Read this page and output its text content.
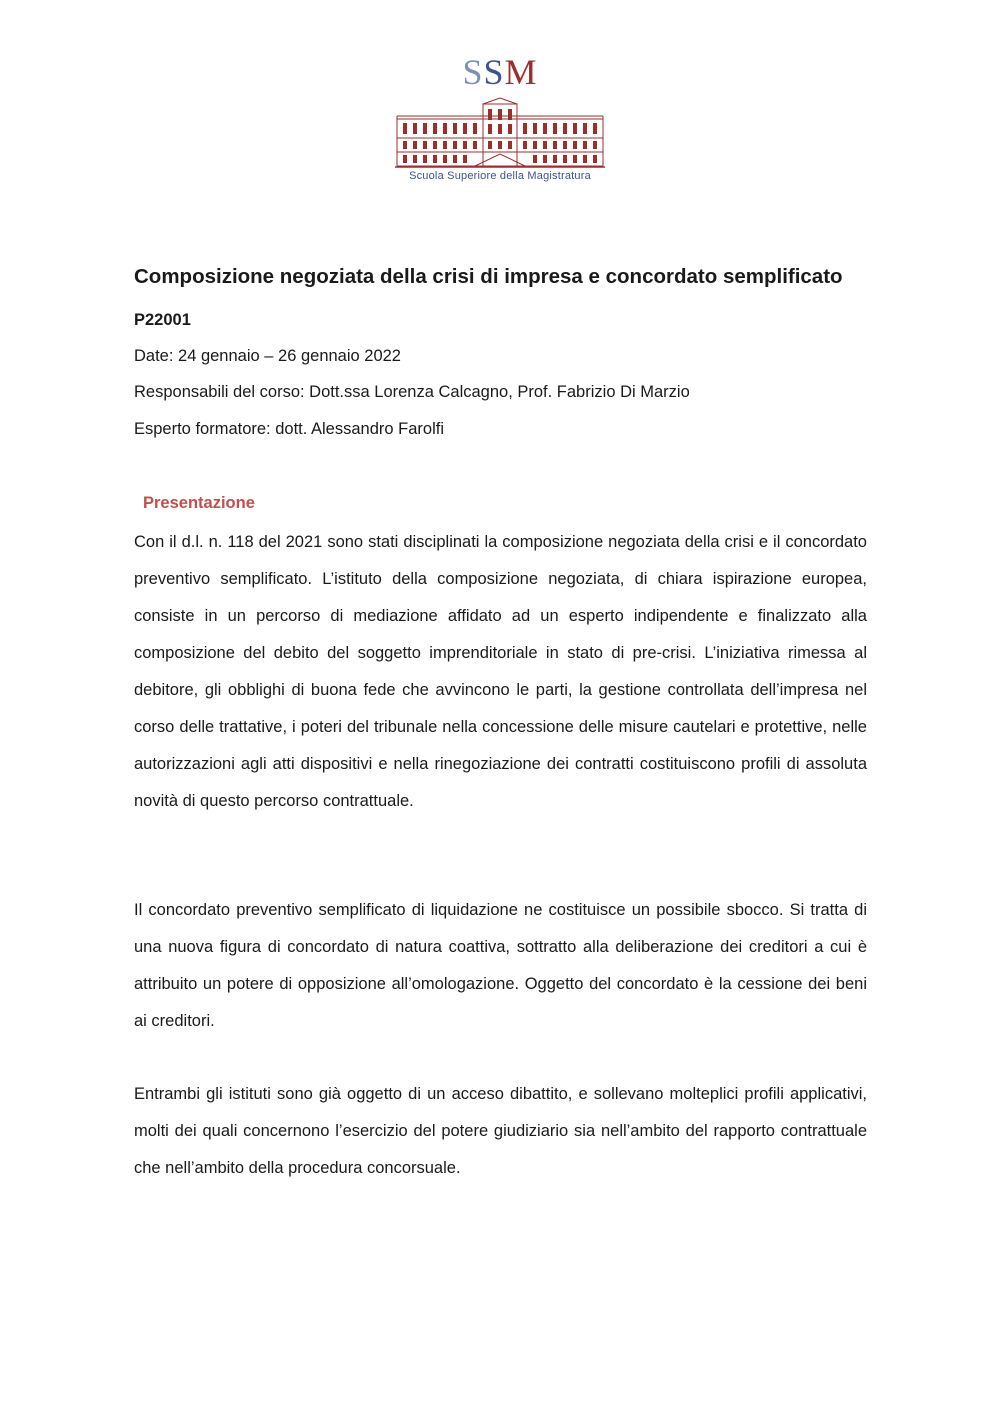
SSM
Scuola Superiore della Magistratura
Composizione negoziata della crisi di impresa e concordato semplificato

P22001

Date: 24 gennaio – 26 gennaio 2022

Responsabili del corso: Dott.ssa Lorenza Calcagno, Prof. Fabrizio Di Marzio

Esperto formatore: dott. Alessandro Farolfi

Presentazione

Con il d.l. n. 118 del 2021 sono stati disciplinati la composizione negoziata della crisi e il concordato preventivo semplificato. L’istituto della composizione negoziata, di chiara ispirazione europea, consiste in un percorso di mediazione affidato ad un esperto indipendente e finalizzato alla composizione del debito del soggetto imprenditoriale in stato di pre-crisi. L’iniziativa rimessa al debitore, gli obblighi di buona fede che avvincono le parti, la gestione controllata dell’impresa nel corso delle trattative, i poteri del tribunale nella concessione delle misure cautelari e protettive, nelle autorizzazioni agli atti dispositivi e nella rinegoziazione dei contratti costituiscono profili di assoluta novità di questo percorso contrattuale.

Il concordato preventivo semplificato di liquidazione ne costituisce un possibile sbocco. Si tratta di una nuova figura di concordato di natura coattiva, sottratto alla deliberazione dei creditori a cui è attribuito un potere di opposizione all’omologazione. Oggetto del concordato è la cessione dei beni ai creditori.

Entrambi gli istituti sono già oggetto di un acceso dibattito, e sollevano molteplici profili applicativi, molti dei quali concernono l’esercizio del potere giudiziario sia nell’ambito del rapporto contrattuale che nell’ambito della procedura concorsuale.
